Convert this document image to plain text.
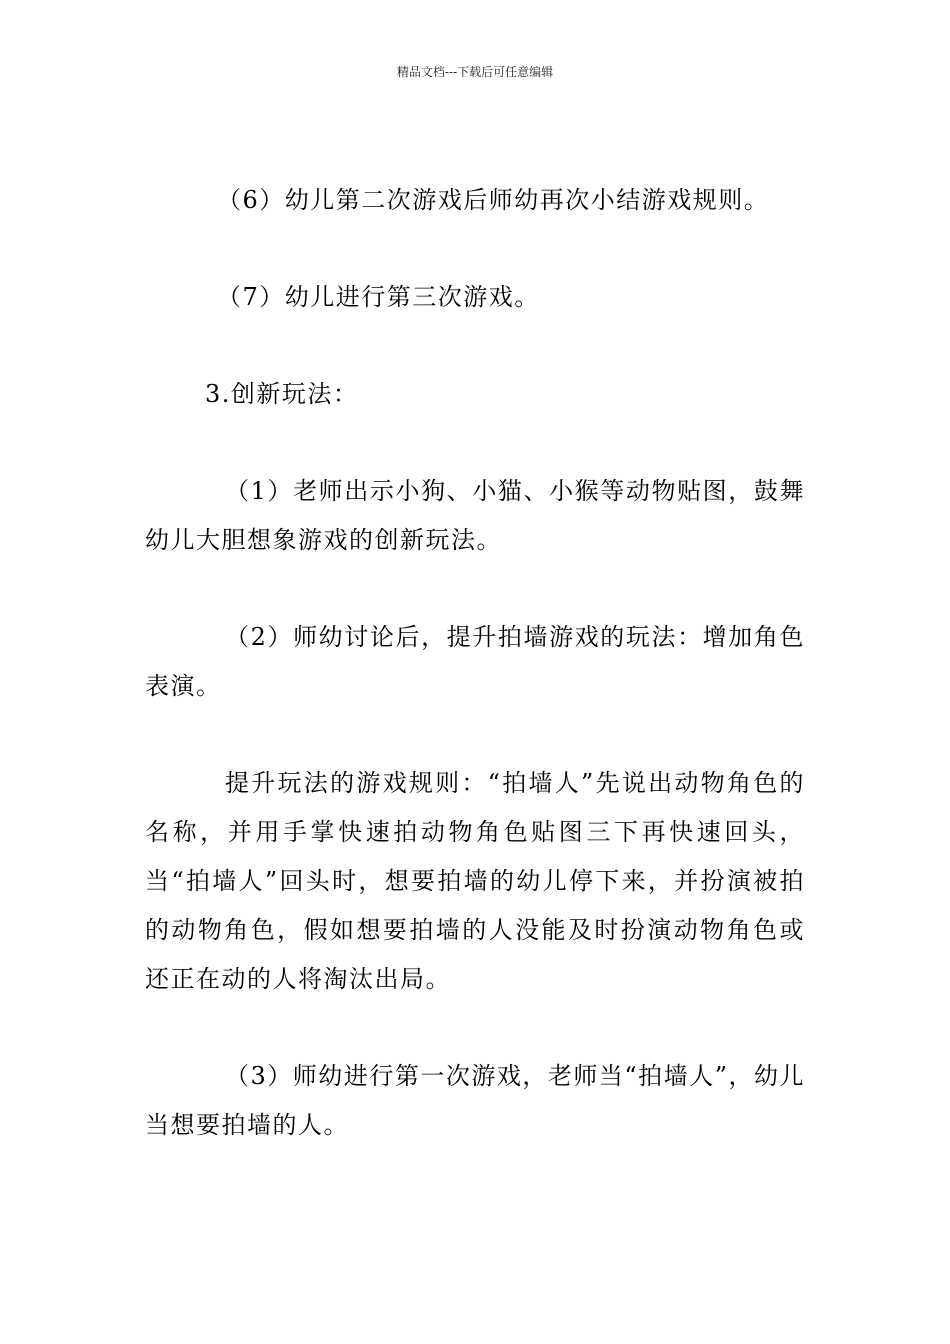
精品文档---下载后可任意编辑

（6）幼儿第二次游戏后师幼再次小结游戏规则。

（7）幼儿进行第三次游戏。

3.创新玩法：

（1）老师出示小狗、小猫、小猴等动物贴图，鼓舞幼儿大胆想象游戏的创新玩法。

（2）师幼讨论后，提升拍墙游戏的玩法：增加角色表演。

提升玩法的游戏规则：“拍墙人”先说出动物角色的名称，并用手掌快速拍动物角色贴图三下再快速回头，当“拍墙人”回头时，想要拍墙的幼儿停下来，并扮演被拍的动物角色，假如想要拍墙的人没能及时扮演动物角色或还正在动的人将淘汰出局。

（3）师幼进行第一次游戏，老师当“拍墙人”，幼儿当想要拍墙的人。
